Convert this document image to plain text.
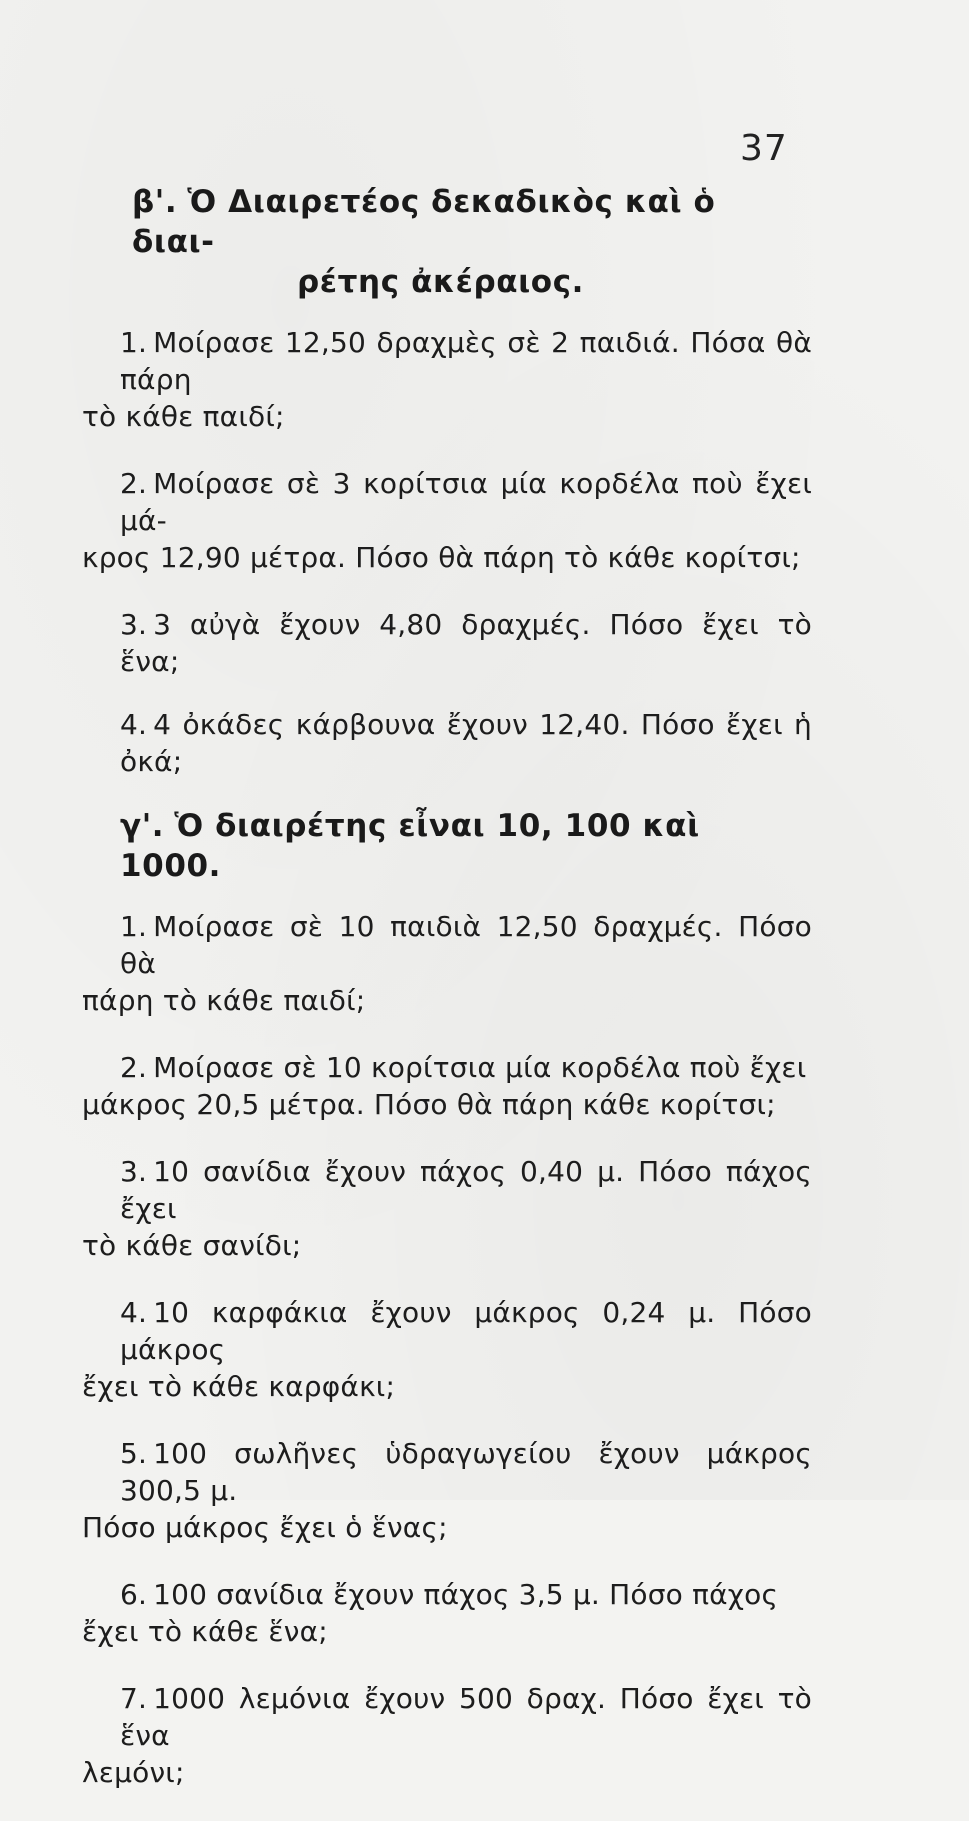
37
β'. Ὁ Διαιρετέος δεκαδικὸς καὶ ὁ διαι-
ρέτης ἀκέραιος.
1. Μοίρασε 12,50 δραχμὲς σὲ 2 παιδιά. Πόσα θὰ πάρη
τὸ κάθε παιδί;
2. Μοίρασε σὲ 3 κορίτσια μία κορδέλα ποὺ ἔχει μά-
κρος 12,90 μέτρα. Πόσο θὰ πάρη τὸ κάθε κορίτσι;
3. 3 αὐγὰ ἔχουν 4,80 δραχμές. Πόσο ἔχει τὸ ἕνα;
4. 4 ὀκάδες κάρβουνα ἔχουν 12,40. Πόσο ἔχει ἡ ὀκά;
γ'. Ὁ διαιρέτης εἶναι 10, 100 καὶ 1000.
1. Μοίρασε σὲ 10 παιδιὰ 12,50 δραχμές. Πόσο θὰ
πάρη τὸ κάθε παιδί;
2. Μοίρασε σὲ 10 κορίτσια μία κορδέλα ποὺ ἔχει
μάκρος 20,5 μέτρα. Πόσο θὰ πάρη κάθε κορίτσι;
3. 10 σανίδια ἔχουν πάχος 0,40 μ. Πόσο πάχος ἔχει
τὸ κάθε σανίδι;
4. 10 καρφάκια ἔχουν μάκρος 0,24 μ. Πόσο μάκρος
ἔχει τὸ κάθε καρφάκι;
5. 100 σωλῆνες ὑδραγωγείου ἔχουν μάκρος 300,5 μ.
Πόσο μάκρος ἔχει ὁ ἕνας;
6. 100 σανίδια ἔχουν πάχος 3,5 μ. Πόσο πάχος
ἔχει τὸ κάθε ἕνα;
7. 1000 λεμόνια ἔχουν 500 δραχ. Πόσο ἔχει τὸ ἕνα
λεμόνι;
